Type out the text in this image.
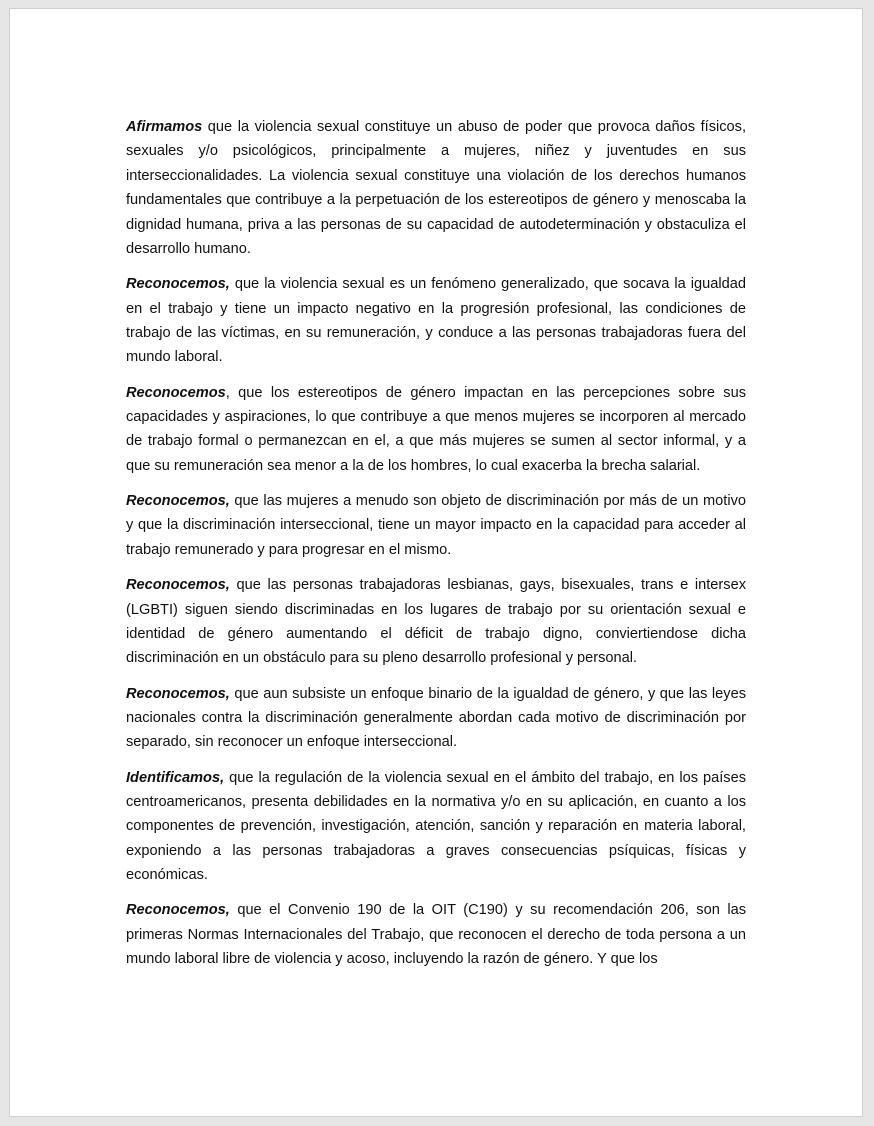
Afirmamos que la violencia sexual constituye un abuso de poder que provoca daños físicos, sexuales y/o psicológicos, principalmente a mujeres, niñez y juventudes en sus interseccionalidades. La violencia sexual constituye una violación de los derechos humanos fundamentales que contribuye a la perpetuación de los estereotipos de género y menoscaba la dignidad humana, priva a las personas de su capacidad de autodeterminación y obstaculiza el desarrollo humano.

Reconocemos, que la violencia sexual es un fenómeno generalizado, que socava la igualdad en el trabajo y tiene un impacto negativo en la progresión profesional, las condiciones de trabajo de las víctimas, en su remuneración, y conduce a las personas trabajadoras fuera del mundo laboral.

Reconocemos, que los estereotipos de género impactan en las percepciones sobre sus capacidades y aspiraciones, lo que contribuye a que menos mujeres se incorporen al mercado de trabajo formal o permanezcan en el, a que más mujeres se sumen al sector informal, y a que su remuneración sea menor a la de los hombres, lo cual exacerba la brecha salarial.

Reconocemos, que las mujeres a menudo son objeto de discriminación por más de un motivo y que la discriminación interseccional, tiene un mayor impacto en la capacidad para acceder al trabajo remunerado y para progresar en el mismo.

Reconocemos, que las personas trabajadoras lesbianas, gays, bisexuales, trans e intersex (LGBTI) siguen siendo discriminadas en los lugares de trabajo por su orientación sexual e identidad de género aumentando el déficit de trabajo digno, conviertiendose dicha discriminación en un obstáculo para su pleno desarrollo profesional y personal.

Reconocemos, que aun subsiste un enfoque binario de la igualdad de género, y que las leyes nacionales contra la discriminación generalmente abordan cada motivo de discriminación por separado, sin reconocer un enfoque interseccional.

Identificamos, que la regulación de la violencia sexual en el ámbito del trabajo, en los países centroamericanos, presenta debilidades en la normativa y/o en su aplicación, en cuanto a los componentes de prevención, investigación, atención, sanción y reparación en materia laboral, exponiendo a las personas trabajadoras a graves consecuencias psíquicas, físicas y económicas.

Reconocemos, que el Convenio 190 de la OIT (C190) y su recomendación 206, son las primeras Normas Internacionales del Trabajo, que reconocen el derecho de toda persona a un mundo laboral libre de violencia y acoso, incluyendo la razón de género. Y que los
